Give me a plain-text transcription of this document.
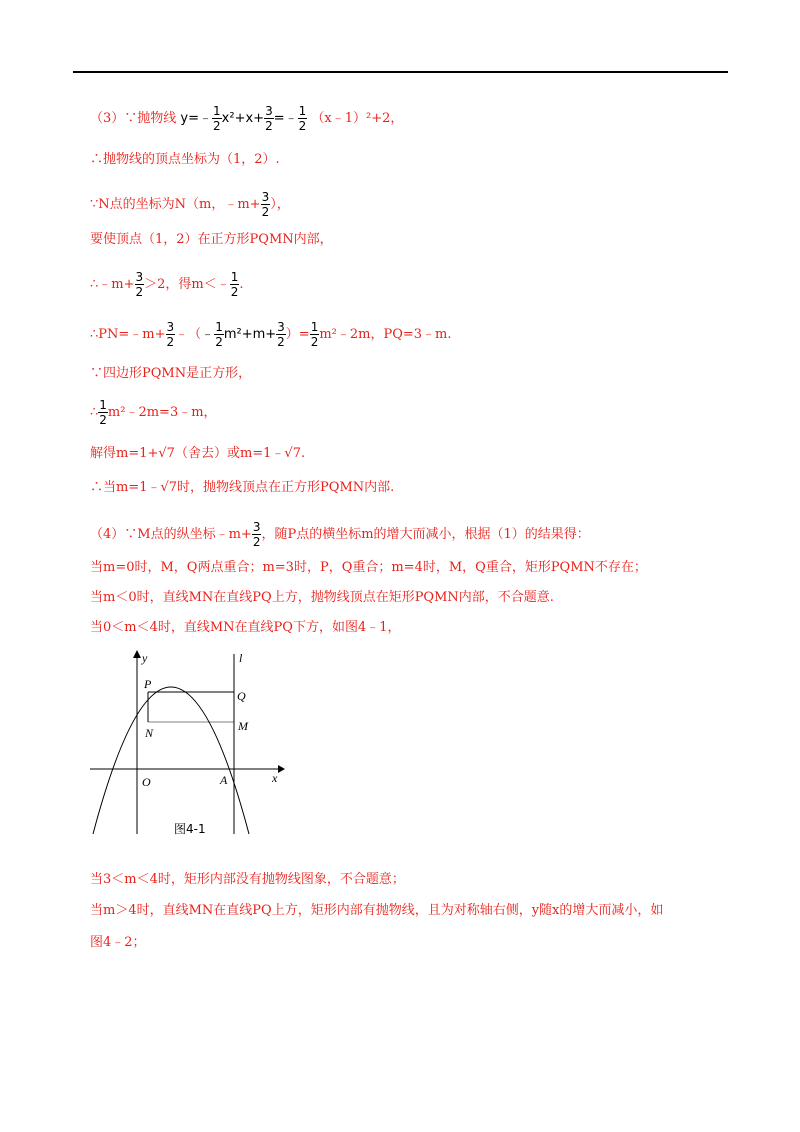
（3）∵抛物线 y=﹣ $\frac{1}{2} x^2+x+ \frac{3}{2}$ =﹣ $\frac{1}{2}$ （x﹣1）²+2，
∴抛物线的顶点坐标为（1，2）.
∵N点的坐标为N（m，﹣m+ $\frac{3}{2}$ ），
要使顶点（1，2）在正方形PQMN内部，
∴﹣m+ $\frac{3}{2} >2$，得m＜﹣ $\frac{1}{2}$ .
∴PN=﹣m+ $\frac{3}{2}$ ﹣（﹣ $\frac{1}{2} m^2+m+ \frac{3}{2}$ ）= $\frac{1}{2}$ m²﹣2m，PQ=3﹣m.
∵四边形PQMN是正方形，
∴ $\frac{1}{2}$ m²﹣2m=3﹣m，
解得m=1+√7（舍去）或m=1﹣√7.
∴当m=1﹣√7时，抛物线顶点在正方形PQMN内部.
（4）∵M点的纵坐标﹣m+ $\frac{3}{2}$ ，随P点的横坐标m的增大而减小，根据（1）的结果得：
当m=0时，M，Q两点重合；m=3时，P，Q重合；m=4时，M，Q重合，矩形PQMN不存在；
当m＜0时，直线MN在直线PQ上方，抛物线顶点在矩形PQMN内部，不合题意.
当0＜m＜4时，直线MN在直线PQ下方，如图4﹣1，
y
x
l
P
Q
M
N
O	A
图4-1
当3＜m＜4时，矩形内部没有抛物线图象，不合题意；
当m＞4时，直线MN在直线PQ上方，矩形内部有抛物线，且为对称轴右侧，y随x的增大而减小，如
图4﹣2；
